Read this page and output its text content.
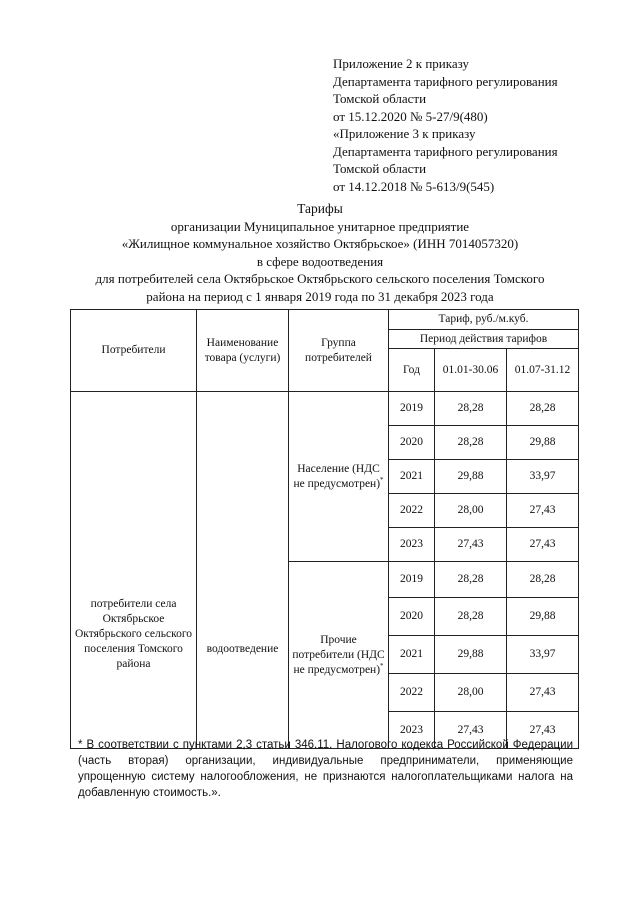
Приложение 2 к приказу
Департамента тарифного регулирования
Томской области
от 15.12.2020 № 5-27/9(480)
«Приложение 3 к приказу
Департамента тарифного регулирования
Томской области
от 14.12.2018 № 5-613/9(545)
Тарифы
организации Муниципальное унитарное предприятие
«Жилищное коммунальное хозяйство Октябрьское» (ИНН 7014057320)
в сфере водоотведения
для потребителей села Октябрьское Октябрьского сельского поселения Томского
района на период с 1 января 2019 года по 31 декабря 2023 года
Потребители	Наименование товара (услуги)	Группа потребителей	Тариф, руб./м.куб.		
			Период действия тарифов		
			Год	01.01-30.06	01.07-31.12
потребители села Октябрьское Октябрьского сельского поселения Томского района	водоотведение	Население (НДС не предусмотрен)*	2019	28,28	28,28
			2020	28,28	29,88
			2021	29,88	33,97
			2022	28,00	27,43
			2023	27,43	27,43
		Прочие потребители (НДС не предусмотрен)*	2019	28,28	28,28
			2020	28,28	29,88
			2021	29,88	33,97
			2022	28,00	27,43
			2023	27,43	27,43
* В соответствии с пунктами 2,3 статьи 346.11. Налогового кодекса Российской Федерации (часть вторая) организации, индивидуальные предприниматели, применяющие упрощенную систему налогообложения, не признаются налогоплательщиками налога на добавленную стоимость.».
